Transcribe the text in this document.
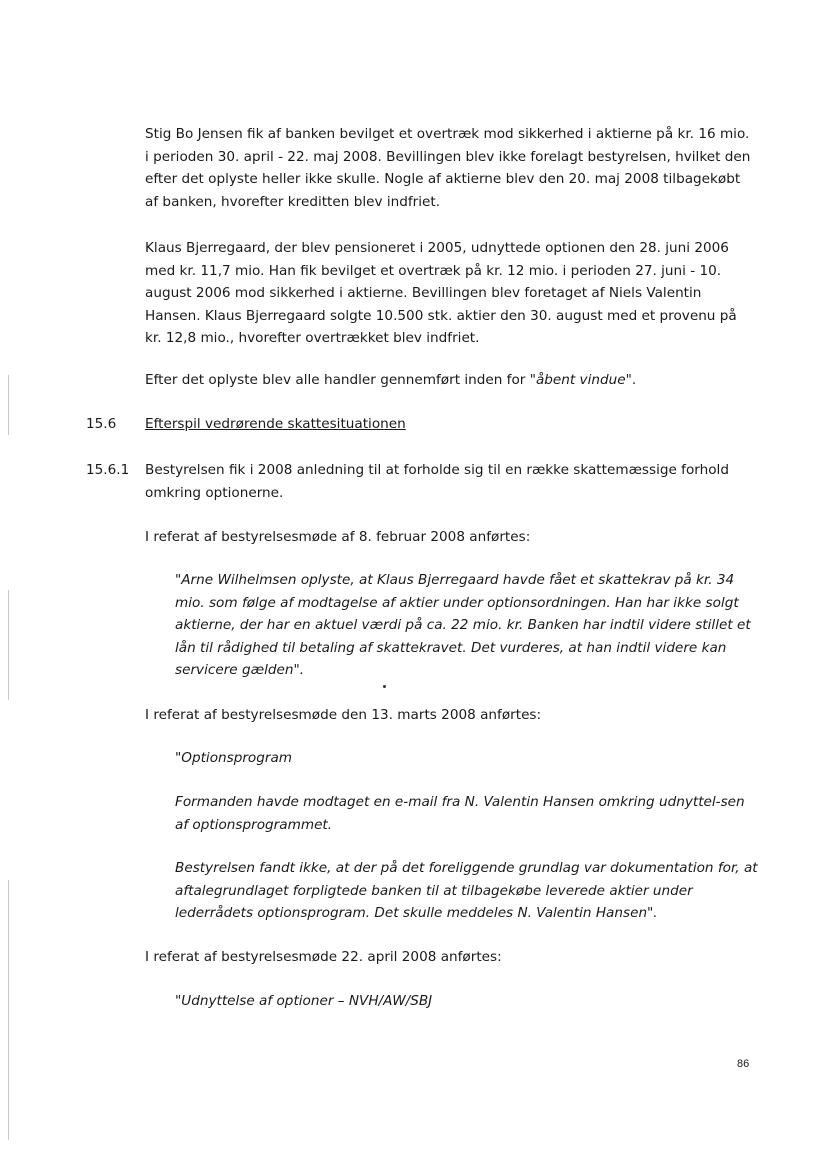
Stig Bo Jensen fik af banken bevilget et overtræk mod sikkerhed i aktierne på kr. 16 mio. i perioden 30. april - 22. maj 2008. Bevillingen blev ikke forelagt bestyrelsen, hvilket den efter det oplyste heller ikke skulle. Nogle af aktierne blev den 20. maj 2008 tilbagekøbt af banken, hvorefter kreditten blev indfriet.

Klaus Bjerregaard, der blev pensioneret i 2005, udnyttede optionen den 28. juni 2006 med kr. 11,7 mio. Han fik bevilget et overtræk på kr. 12 mio. i perioden 27. juni - 10. august 2006 mod sikkerhed i aktierne. Bevillingen blev foretaget af Niels Valentin Hansen. Klaus Bjerregaard solgte 10.500 stk. aktier den 30. august med et provenu på kr. 12,8 mio., hvorefter overtrækket blev indfriet.

Efter det oplyste blev alle handler gennemført inden for "åbent vindue".

15.6 Efterspil vedrørende skattesituationen

15.6.1 Bestyrelsen fik i 2008 anledning til at forholde sig til en række skattemæssige forhold omkring optionerne.

I referat af bestyrelsesmøde af 8. februar 2008 anførtes:

"Arne Wilhelmsen oplyste, at Klaus Bjerregaard havde fået et skattekrav på kr. 34 mio. som følge af modtagelse af aktier under optionsordningen. Han har ikke solgt aktierne, der har en aktuel værdi på ca. 22 mio. kr. Banken har indtil videre stillet et lån til rådighed til betaling af skattekravet. Det vurderes, at han indtil videre kan servicere gælden".

I referat af bestyrelsesmøde den 13. marts 2008 anførtes:

"Optionsprogram

Formanden havde modtaget en e-mail fra N. Valentin Hansen omkring udnyttel-sen af optionsprogrammet.

Bestyrelsen fandt ikke, at der på det foreliggende grundlag var dokumentation for, at aftalegrundlaget forpligtede banken til at tilbagekøbe leverede aktier under lederrådets optionsprogram. Det skulle meddeles N. Valentin Hansen".

I referat af bestyrelsesmøde 22. april 2008 anførtes:

"Udnyttelse af optioner – NVH/AW/SBJ

86
